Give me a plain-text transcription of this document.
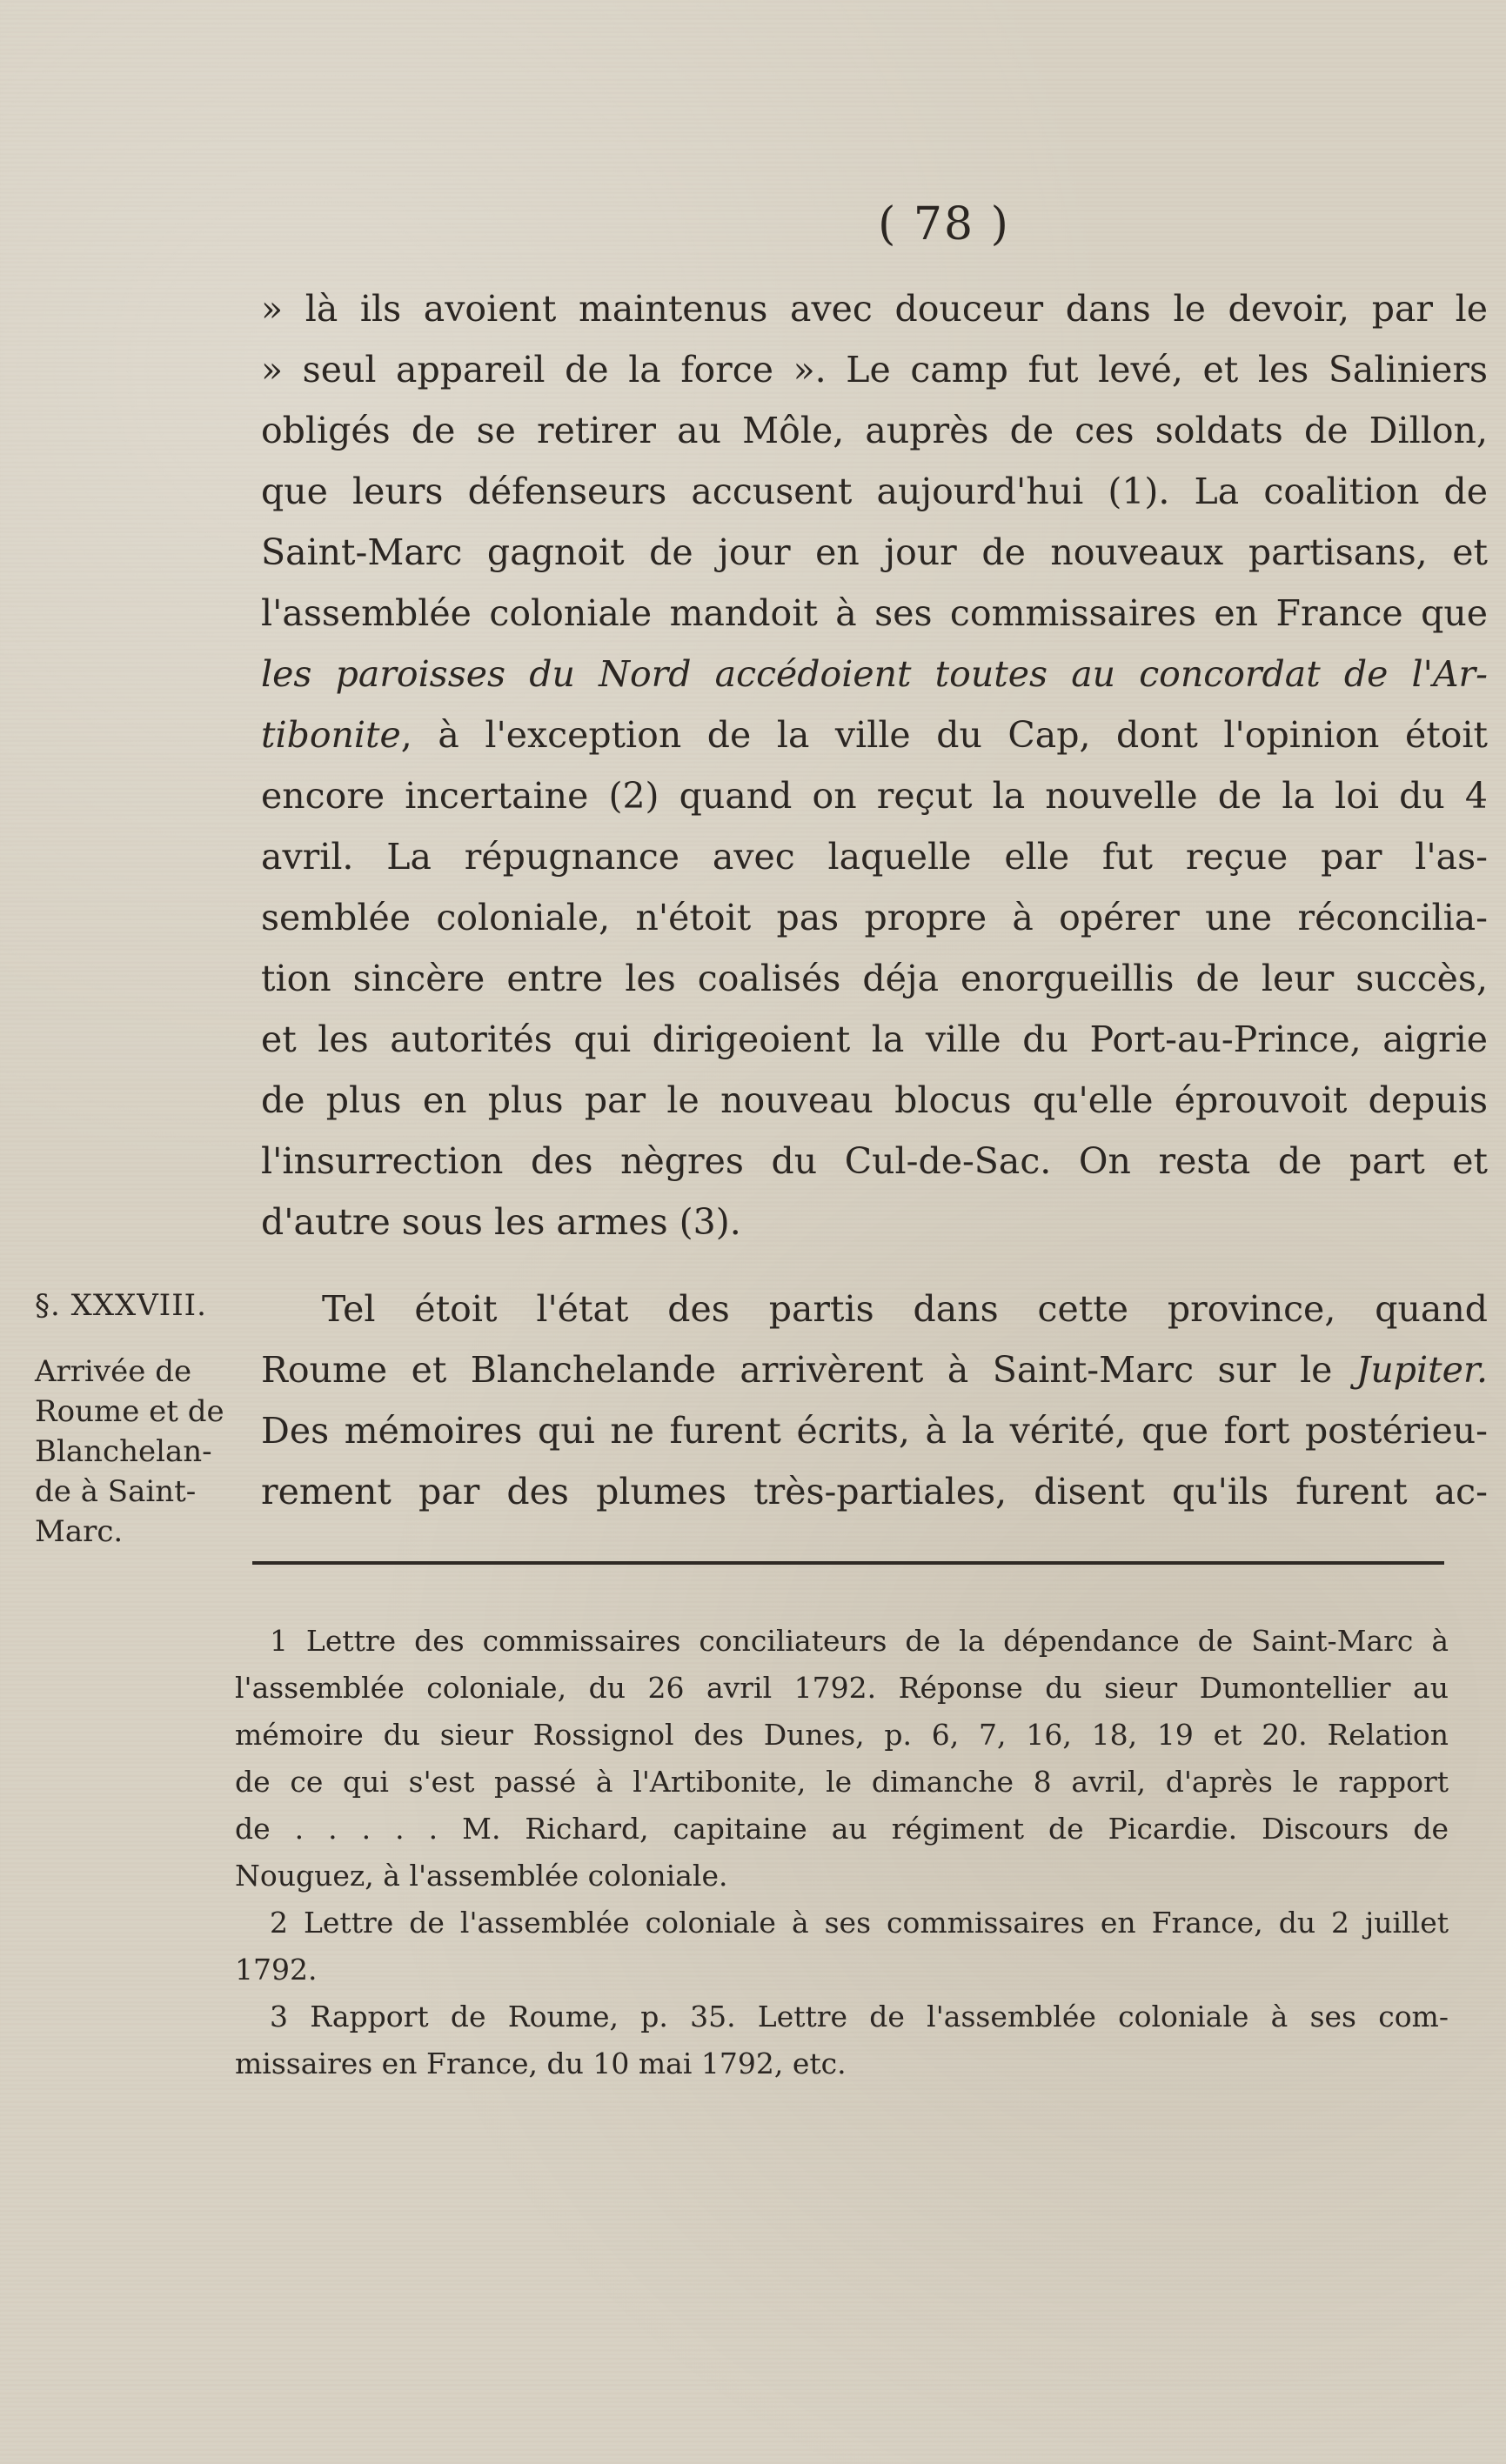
( 78 )
» là ils avoient maintenus avec douceur dans le devoir, par le
» seul appareil de la force ». Le camp fut levé, et les Saliniers
obligés de se retirer au Môle, auprès de ces soldats de Dillon,
que leurs défenseurs accusent aujourd'hui (1). La coalition de
Saint-Marc gagnoit de jour en jour de nouveaux partisans, et
l'assemblée coloniale mandoit à ses commissaires en France que
les paroisses du Nord accédoient toutes au concordat de l'Ar-
tibonite, à l'exception de la ville du Cap, dont l'opinion étoit
encore incertaine (2) quand on reçut la nouvelle de la loi du 4
avril. La répugnance avec laquelle elle fut reçue par l'as-
semblée coloniale, n'étoit pas propre à opérer une réconcilia-
tion sincère entre les coalisés déja enorgueillis de leur succès,
et les autorités qui dirigeoient la ville du Port-au-Prince, aigrie
de plus en plus par le nouveau blocus qu'elle éprouvoit depuis
l'insurrection des nègres du Cul-de-Sac. On resta de part et
d'autre sous les armes (3).
§. XXXVIII.
Arrivée de
Roume et de
Blanchelan-
de à Saint-
Marc.
Tel étoit l'état des partis dans cette province, quand
Roume et Blanchelande arrivèrent à Saint-Marc sur le Jupiter.
Des mémoires qui ne furent écrits, à la vérité, que fort postérieu-
rement par des plumes très-partiales, disent qu'ils furent ac-
1 Lettre des commissaires conciliateurs de la dépendance de Saint-Marc à
l'assemblée coloniale, du 26 avril 1792. Réponse du sieur Dumontellier au
mémoire du sieur Rossignol des Dunes, p. 6, 7, 16, 18, 19 et 20. Relation
de ce qui s'est passé à l'Artibonite, le dimanche 8 avril, d'après le rapport
de . . . . . M. Richard, capitaine au régiment de Picardie. Discours de
Nouguez, à l'assemblée coloniale.
2 Lettre de l'assemblée coloniale à ses commissaires en France, du 2 juillet
1792.
3 Rapport de Roume, p. 35. Lettre de l'assemblée coloniale à ses com-
missaires en France, du 10 mai 1792, etc.
